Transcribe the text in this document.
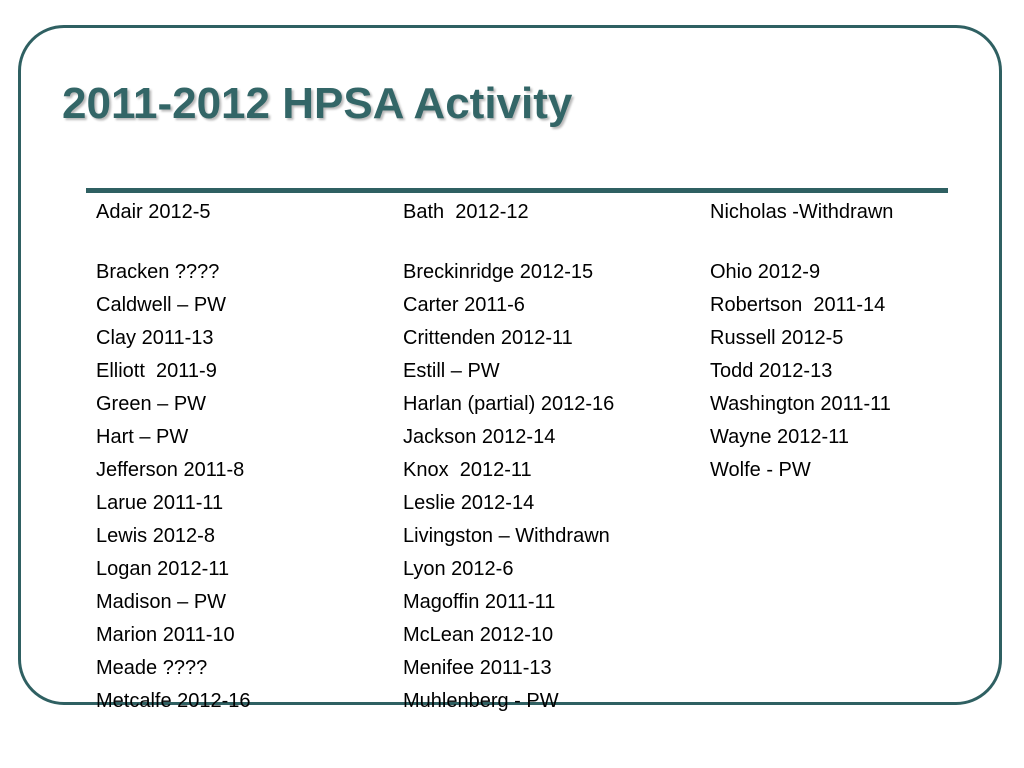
2011-2012 HPSA Activity
Adair 2012-5
Bracken ????
Caldwell – PW
Clay 2011-13
Elliott  2011-9
Green – PW
Hart – PW
Jefferson 2011-8
Larue 2011-11
Lewis 2012-8
Logan 2012-11
Madison – PW
Marion 2011-10
Meade ????
Metcalfe 2012-16
Bath  2012-12
Breckinridge 2012-15
Carter 2011-6
Crittenden 2012-11
Estill – PW
Harlan (partial) 2012-16
Jackson 2012-14
Knox  2012-11
Leslie 2012-14
Livingston – Withdrawn
Lyon 2012-6
Magoffin 2011-11
McLean 2012-10
Menifee 2011-13
Muhlenberg - PW
Nicholas -Withdrawn
Ohio 2012-9
Robertson  2011-14
Russell 2012-5
Todd 2012-13
Washington 2011-11
Wayne 2012-11
Wolfe - PW
